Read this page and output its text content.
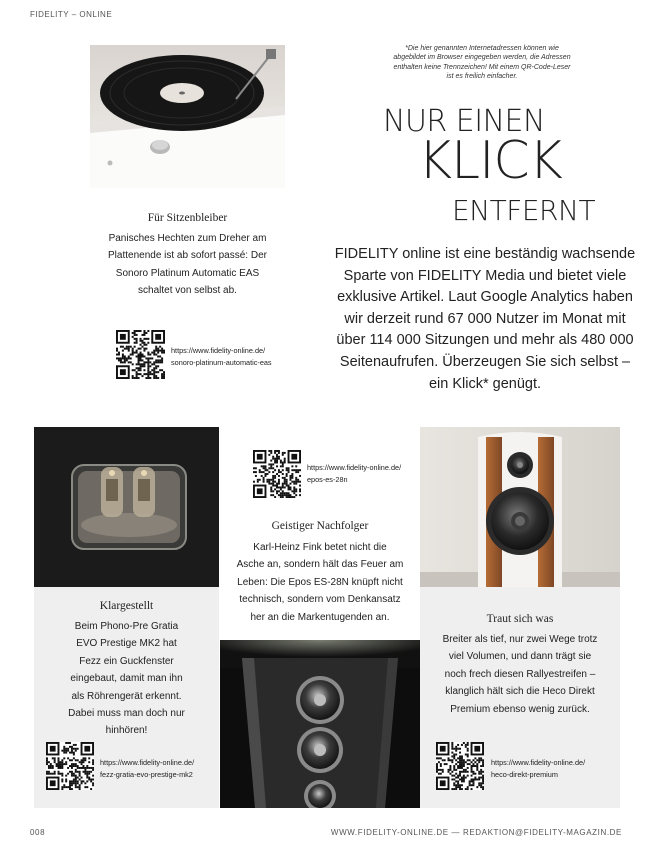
FIDELITY – ONLINE
*Die hier genannten Internetadressen können wie
abgebildet im Browser eingegeben werden, die Adressen
enthalten keine Trennzeichen! Mit einem QR-Code-Leser
ist es freilich einfacher.
NUR EINEN
KLICK
ENTFERNT
FIDELITY online ist eine beständig wachsende
Sparte von FIDELITY Media und bietet viele
exklusive Artikel. Laut Google Analytics haben
wir derzeit rund 67 000 Nutzer im Monat mit
über 114 000 Sitzungen und mehr als 480 000
Seitenaufrufen. Überzeugen Sie sich selbst –
ein Klick* genügt.
Für Sitzenbleiber
Panisches Hechten zum Dreher am
Plattenende ist ab sofort passé: Der
Sonoro Platinum Automatic EAS
schaltet von selbst ab.
https://www.fidelity-online.de/
sonoro-platinum-automatic-eas
Klargestellt
Beim Phono-Pre Gratia
EVO Prestige MK2 hat
Fezz ein Guckfenster
eingebaut, damit man ihn
als Röhrengerät erkennt.
Dabei muss man doch nur
hinhören!
https://www.fidelity-online.de/
fezz-gratia-evo-prestige-mk2
https://www.fidelity-online.de/
epos-es-28n
Geistiger Nachfolger
Karl-Heinz Fink betet nicht die
Asche an, sondern hält das Feuer am
Leben: Die Epos ES-28N knüpft nicht
technisch, sondern vom Denkansatz
her an die Markentugenden an.	Traut sich was
Breiter als tief, nur zwei Wege trotz
viel Volumen, und dann trägt sie
noch frech diesen Rallyestreifen –
klanglich hält sich die Heco Direkt
Premium ebenso wenig zurück.
https://www.fidelity-online.de/
heco-direkt-premium
008	WWW.FIDELITY-ONLINE.DE — REDAKTION@FIDELITY-MAGAZIN.DE
